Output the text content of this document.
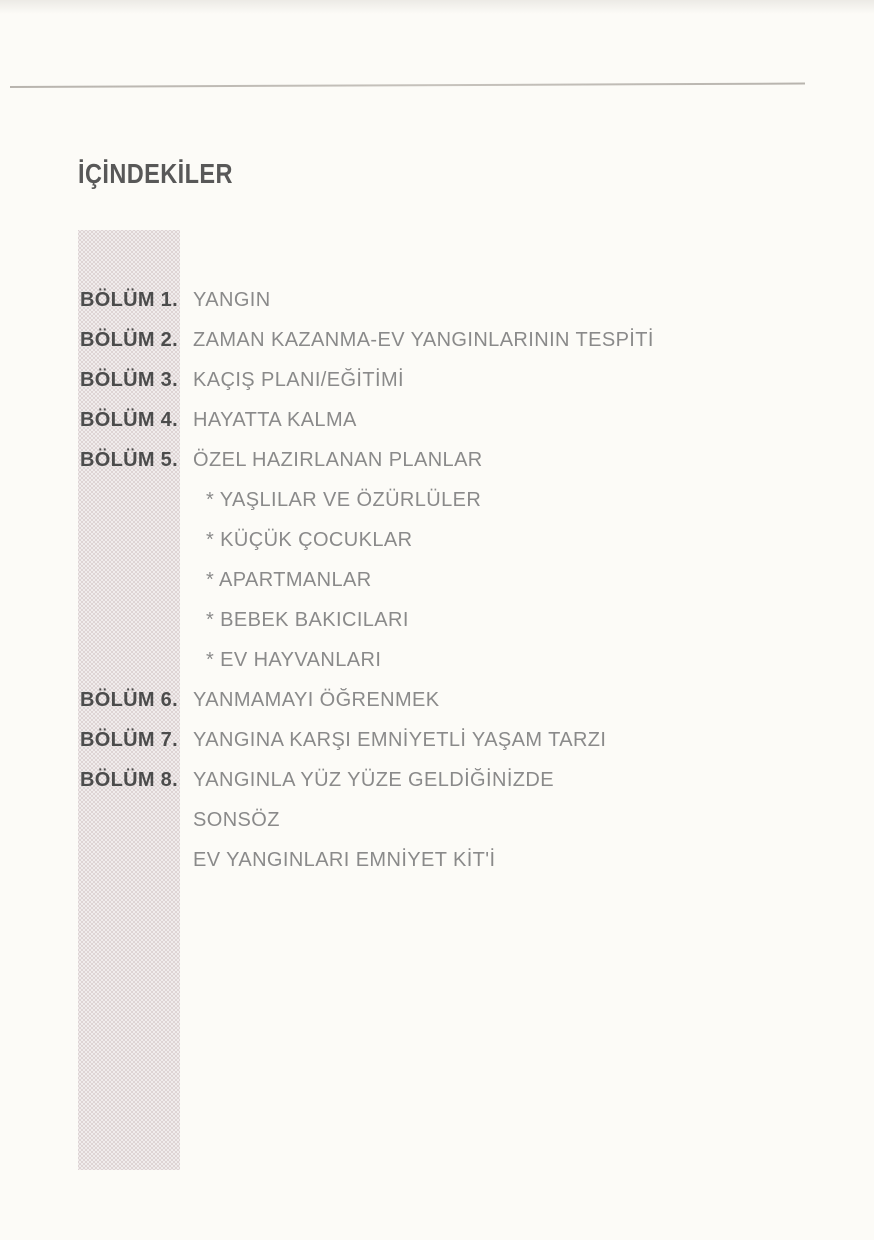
İÇİNDEKİLER
BÖLÜM 1. YANGIN
BÖLÜM 2. ZAMAN KAZANMA-EV YANGINLARININ TESPİTİ
BÖLÜM 3. KAÇIŞ PLANI/EĞİTİMİ
BÖLÜM 4. HAYATTA KALMA
BÖLÜM 5. ÖZEL HAZIRLANAN PLANLAR
* YAŞLILAR VE ÖZÜRLÜLER
* KÜÇÜK ÇOCUKLAR
* APARTMANLAR
* BEBEK BAKICILARI
* EV HAYVANLARI
BÖLÜM 6. YANMAMAYI ÖĞRENMEK
BÖLÜM 7. YANGINA KARŞI EMNİYETLİ YAŞAM TARZI
BÖLÜM 8. YANGINLA YÜZ YÜZE GELDİĞİNİZDE
SONSÖZ
EV YANGINLARI EMNİYET KİT'İ
